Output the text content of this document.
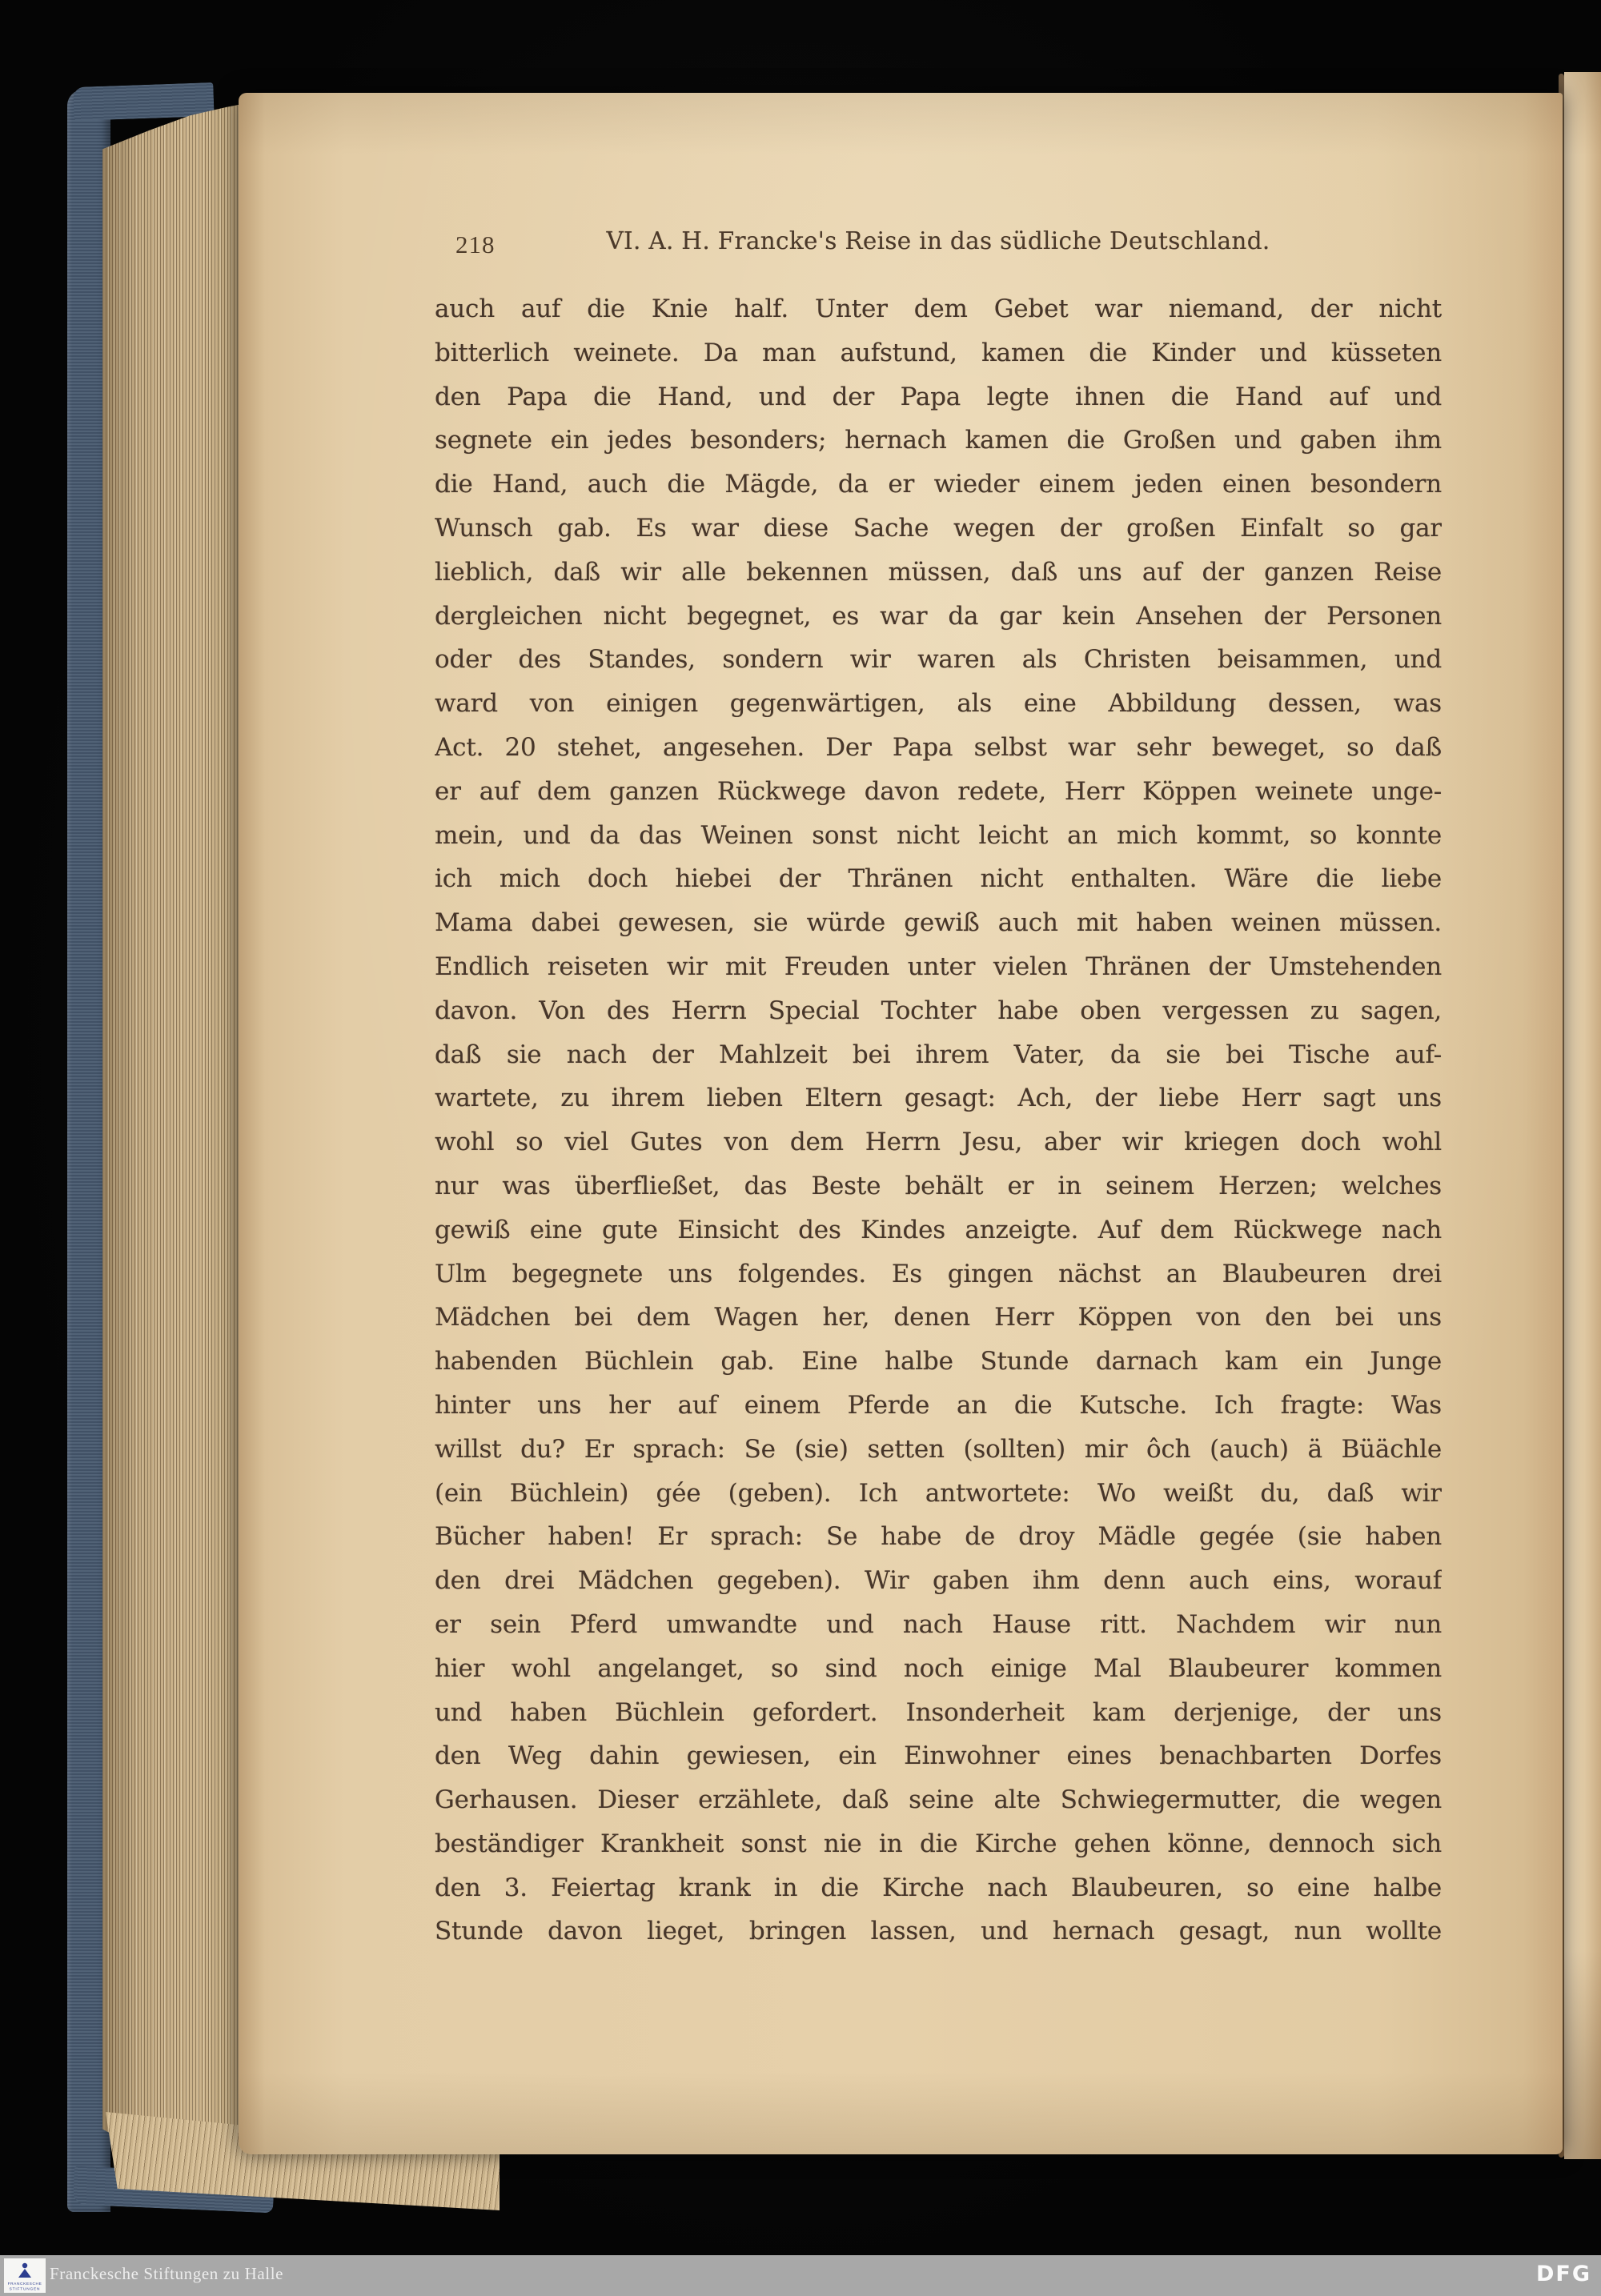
218	VI. A. H. Francke's Reise in das südliche Deutschland.
auch auf die Knie half. Unter dem Gebet war niemand, der nicht
bitterlich weinete. Da man aufstund, kamen die Kinder und küsseten
den Papa die Hand, und der Papa legte ihnen die Hand auf und
segnete ein jedes besonders; hernach kamen die Großen und gaben ihm
die Hand, auch die Mägde, da er wieder einem jeden einen besondern
Wunsch gab. Es war diese Sache wegen der großen Einfalt so gar
lieblich, daß wir alle bekennen müssen, daß uns auf der ganzen Reise
dergleichen nicht begegnet, es war da gar kein Ansehen der Personen
oder des Standes, sondern wir waren als Christen beisammen, und
ward von einigen gegenwärtigen, als eine Abbildung dessen, was
Act. 20 stehet, angesehen. Der Papa selbst war sehr beweget, so daß
er auf dem ganzen Rückwege davon redete, Herr Köppen weinete unge-
mein, und da das Weinen sonst nicht leicht an mich kommt, so konnte
ich mich doch hiebei der Thränen nicht enthalten. Wäre die liebe
Mama dabei gewesen, sie würde gewiß auch mit haben weinen müssen.
Endlich reiseten wir mit Freuden unter vielen Thränen der Umstehenden
davon. Von des Herrn Special Tochter habe oben vergessen zu sagen,
daß sie nach der Mahlzeit bei ihrem Vater, da sie bei Tische auf-
wartete, zu ihrem lieben Eltern gesagt: Ach, der liebe Herr sagt uns
wohl so viel Gutes von dem Herrn Jesu, aber wir kriegen doch wohl
nur was überfließet, das Beste behält er in seinem Herzen; welches
gewiß eine gute Einsicht des Kindes anzeigte. Auf dem Rückwege nach
Ulm begegnete uns folgendes. Es gingen nächst an Blaubeuren drei
Mädchen bei dem Wagen her, denen Herr Köppen von den bei uns
habenden Büchlein gab. Eine halbe Stunde darnach kam ein Junge
hinter uns her auf einem Pferde an die Kutsche. Ich fragte: Was
willst du? Er sprach: Se (sie) setten (sollten) mir ôch (auch) ä Büächle
(ein Büchlein) gée (geben). Ich antwortete: Wo weißt du, daß wir
Bücher haben! Er sprach: Se habe de droy Mädle gegée (sie haben
den drei Mädchen gegeben). Wir gaben ihm denn auch eins, worauf
er sein Pferd umwandte und nach Hause ritt. Nachdem wir nun
hier wohl angelanget, so sind noch einige Mal Blaubeurer kommen
und haben Büchlein gefordert. Insonderheit kam derjenige, der uns
den Weg dahin gewiesen, ein Einwohner eines benachbarten Dorfes
Gerhausen. Dieser erzählete, daß seine alte Schwiegermutter, die wegen
beständiger Krankheit sonst nie in die Kirche gehen könne, dennoch sich
den 3. Feiertag krank in die Kirche nach Blaubeuren, so eine halbe
Stunde davon lieget, bringen lassen, und hernach gesagt, nun wollte
FRANCKESCHE
STIFTUNGEN
Franckesche Stiftungen zu Halle	DFG
